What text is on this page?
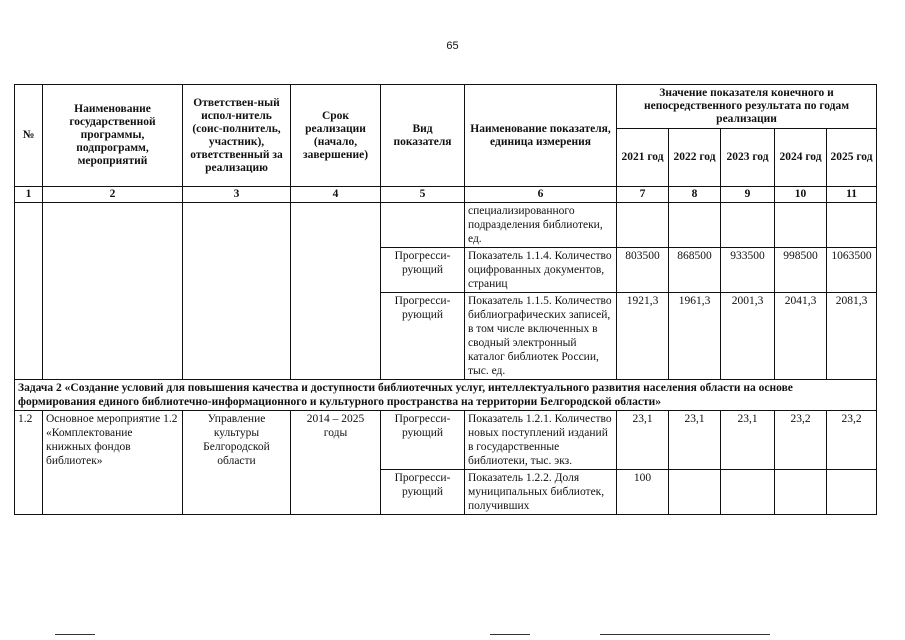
65
№	Наименование государственной программы, подпрограмм, мероприятий	Ответствен-ный испол-нитель (соис-полнитель, участник), ответственный за реализацию	Срок реализации (начало, завершение)	Вид показателя	Наименование показателя, единица измерения	Значение показателя конечного и непосредственного результата по годам реализации				
						2021 год	2022 год	2023 год	2024 год	2025 год
1	2	3	4	5	6	7	8	9	10	11
					специализированного подразделения библиотеки, ед.					
				Прогресси-рующий	Показатель 1.1.4. Количество оцифрованных документов, страниц	803500	868500	933500	998500	1063500
				Прогресси-рующий	Показатель 1.1.5. Количество библиографических записей, в том числе включенных в сводный электронный каталог библиотек России, тыс. ед.	1921,3	1961,3	2001,3	2041,3	2081,3
Задача 2 «Создание условий для повышения качества и доступности библиотечных услуг, интеллектуального развития населения области на основе формирования единого библиотечно-информационного и культурного пространства на территории Белгородской области»										
1.2	Основное мероприятие 1.2 «Комплектование книжных фондов библиотек»	Управление культуры Белгородской области	2014 – 2025 годы	Прогресси-рующий	Показатель 1.2.1. Количество новых поступлений изданий в государственные библиотеки, тыс. экз.	23,1	23,1	23,1	23,2	23,2
				Прогресси-рующий	Показатель 1.2.2. Доля муниципальных библиотек, получивших	100				
